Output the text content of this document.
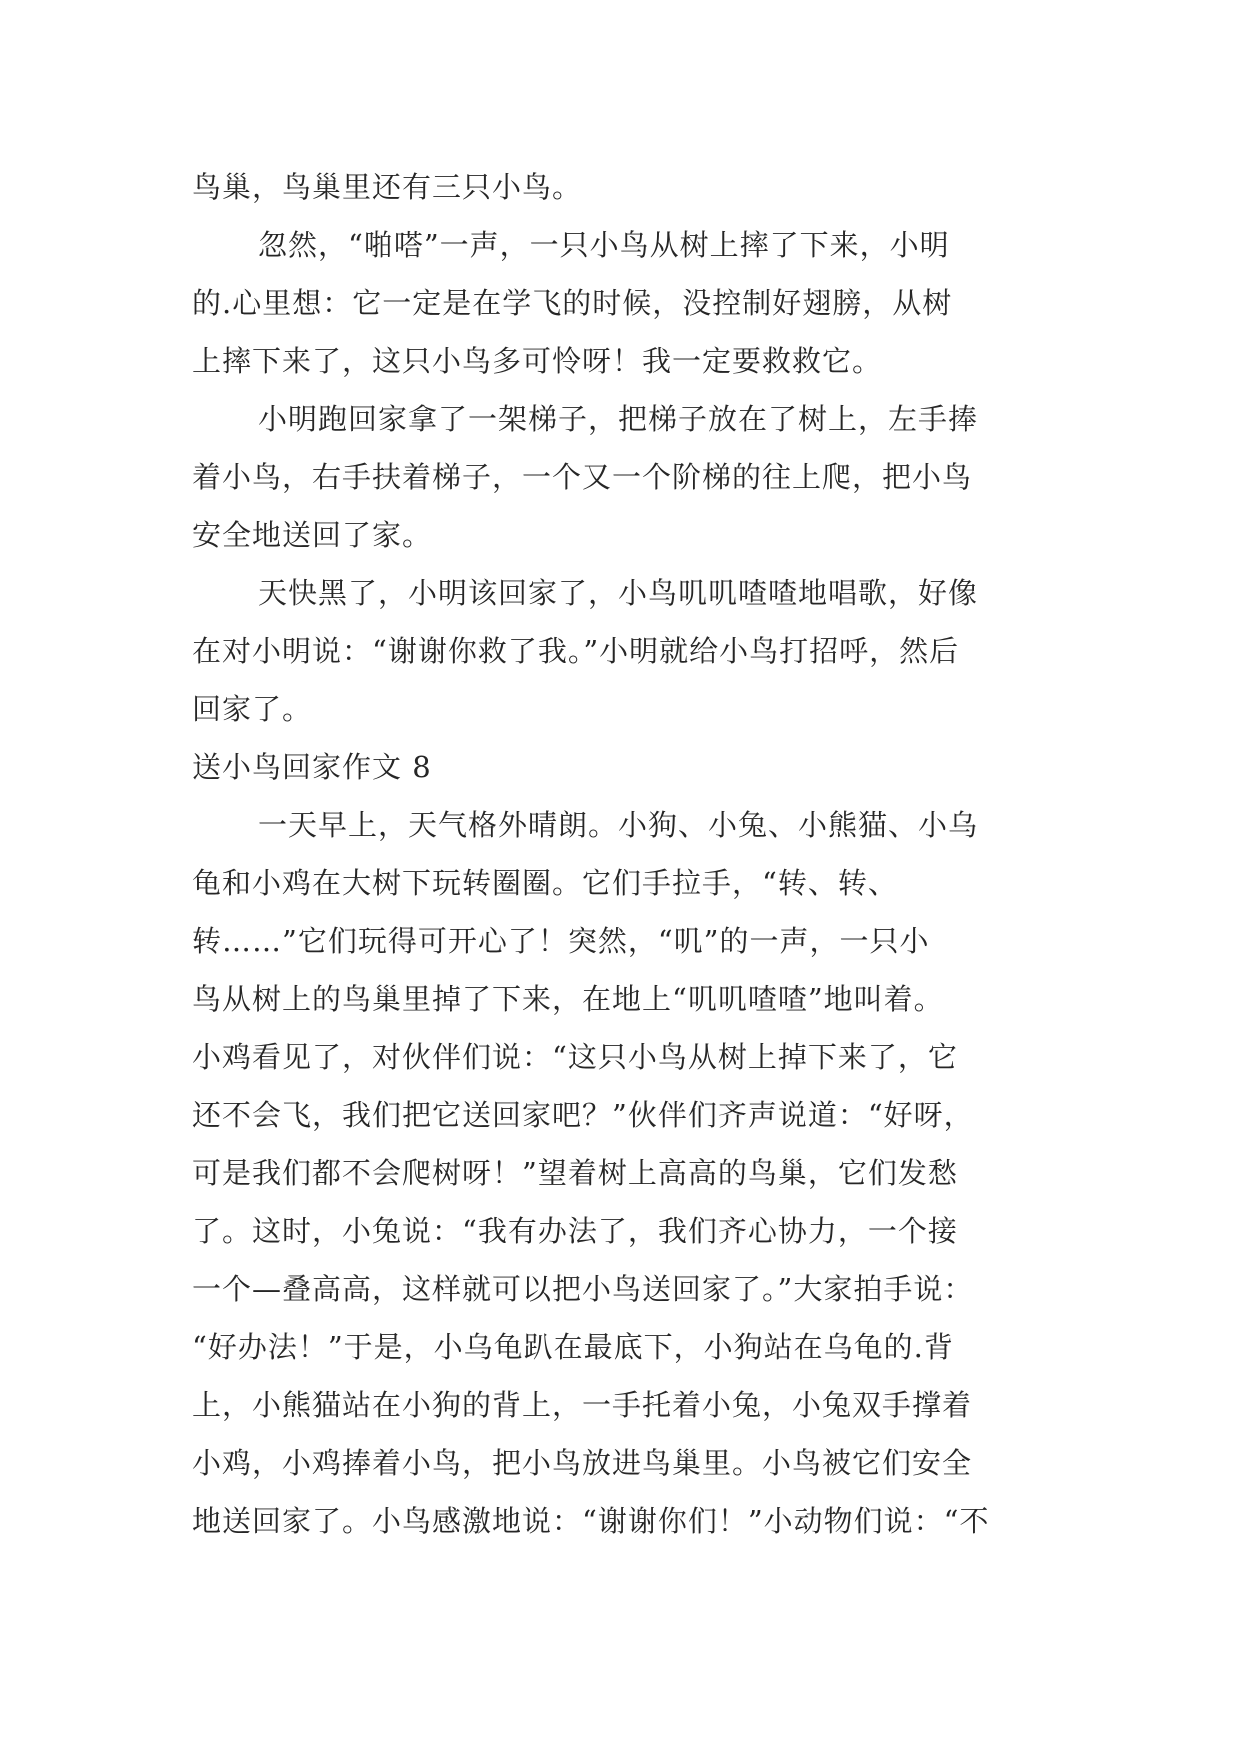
鸟巢，鸟巢里还有三只小鸟。
忽然，“啪嗒”一声，一只小鸟从树上摔了下来，小明
的.心里想：它一定是在学飞的时候，没控制好翅膀，从树
上摔下来了，这只小鸟多可怜呀！我一定要救救它。
小明跑回家拿了一架梯子，把梯子放在了树上，左手捧
着小鸟，右手扶着梯子，一个又一个阶梯的往上爬，把小鸟
安全地送回了家。
天快黑了，小明该回家了，小鸟叽叽喳喳地唱歌，好像
在对小明说：“谢谢你救了我。”小明就给小鸟打招呼，然后
回家了。
送小鸟回家作文 8
一天早上，天气格外晴朗。小狗、小兔、小熊猫、小乌
龟和小鸡在大树下玩转圈圈。它们手拉手，“转、转、
转……”它们玩得可开心了！突然，“叽”的一声，一只小
鸟从树上的鸟巢里掉了下来，在地上“叽叽喳喳”地叫着。
小鸡看见了，对伙伴们说：“这只小鸟从树上掉下来了，它
还不会飞，我们把它送回家吧？”伙伴们齐声说道：“好呀，
可是我们都不会爬树呀！”望着树上高高的鸟巢，它们发愁
了。这时，小兔说：“我有办法了，我们齐心协力，一个接
一个—叠高高，这样就可以把小鸟送回家了。”大家拍手说：
“好办法！”于是，小乌龟趴在最底下，小狗站在乌龟的.背
上，小熊猫站在小狗的背上，一手托着小兔，小兔双手撑着
小鸡，小鸡捧着小鸟，把小鸟放进鸟巢里。小鸟被它们安全
地送回家了。小鸟感激地说：“谢谢你们！”小动物们说：“不
